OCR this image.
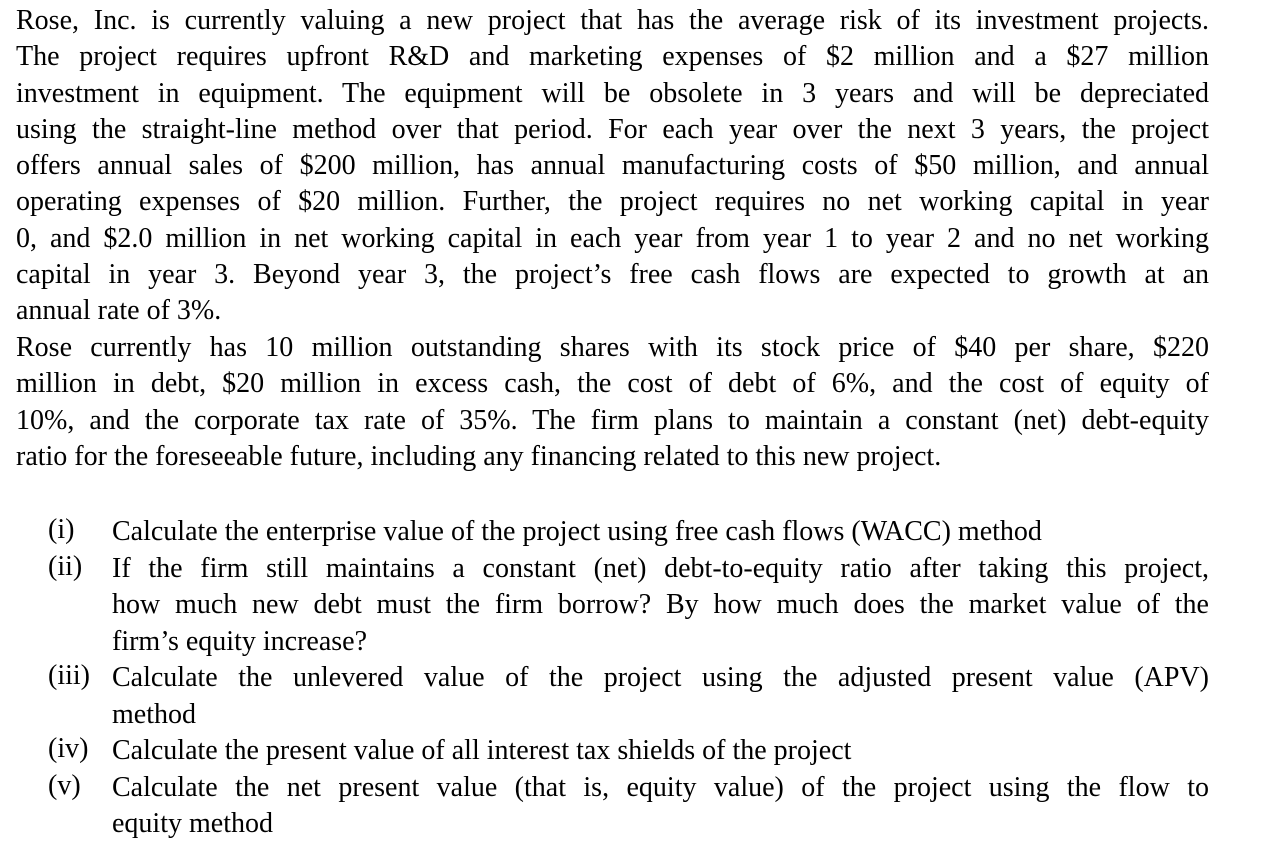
Rose, Inc. is currently valuing a new project that has the average risk of its investment projects.
The project requires upfront R&D and marketing expenses of $2 million and a $27 million
investment in equipment. The equipment will be obsolete in 3 years and will be depreciated
using the straight-line method over that period. For each year over the next 3 years, the project
offers annual sales of $200 million, has annual manufacturing costs of $50 million, and annual
operating expenses of $20 million. Further, the project requires no net working capital in year
0, and $2.0 million in net working capital in each year from year 1 to year 2 and no net working
capital in year 3. Beyond year 3, the project’s free cash flows are expected to growth at an
annual rate of 3%.
Rose currently has 10 million outstanding shares with its stock price of $40 per share, $220
million in debt, $20 million in excess cash, the cost of debt of 6%, and the cost of equity of
10%, and the corporate tax rate of 35%. The firm plans to maintain a constant (net) debt-equity
ratio for the foreseeable future, including any financing related to this new project.
(i) Calculate the enterprise value of the project using free cash flows (WACC) method
(ii) If the firm still maintains a constant (net) debt-to-equity ratio after taking this project,
how much new debt must the firm borrow? By how much does the market value of the
firm’s equity increase?
(iii) Calculate the unlevered value of the project using the adjusted present value (APV)
method
(iv) Calculate the present value of all interest tax shields of the project
(v) Calculate the net present value (that is, equity value) of the project using the flow to
equity method
